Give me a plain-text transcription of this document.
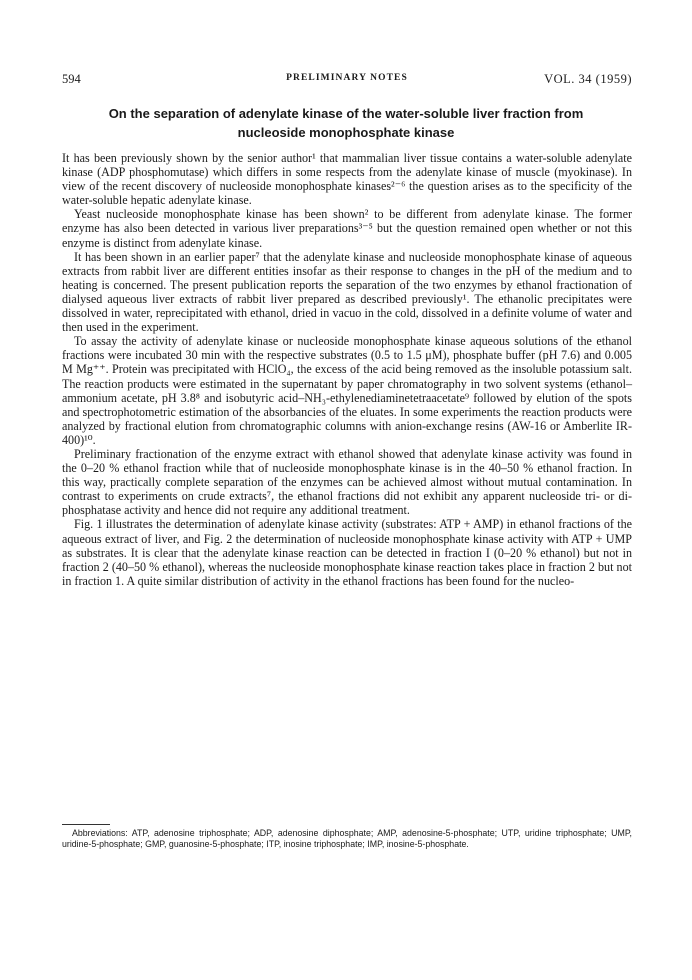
594	PRELIMINARY NOTES	VOL. 34 (1959)
On the separation of adenylate kinase of the water-soluble liver fraction from nucleoside monophosphate kinase

It has been previously shown by the senior author¹ that mammalian liver tissue contains a water-soluble adenylate kinase (ADP phosphomutase) which differs in some respects from the adenylate kinase of muscle (myokinase). In view of the recent discovery of nucleoside monophosphate kinases²⁻⁶ the question arises as to the specificity of the water-soluble hepatic adenylate kinase.

Yeast nucleoside monophosphate kinase has been shown² to be different from adenylate kinase. The former enzyme has also been detected in various liver preparations³⁻⁵ but the question remained open whether or not this enzyme is distinct from adenylate kinase.

It has been shown in an earlier paper⁷ that the adenylate kinase and nucleoside monophosphate kinase of aqueous extracts from rabbit liver are different entities insofar as their response to changes in the pH of the medium and to heating is concerned. The present publication reports the separation of the two enzymes by ethanol fractionation of dialysed aqueous liver extracts of rabbit liver prepared as described previously¹. The ethanolic precipitates were dissolved in water, reprecipitated with ethanol, dried in vacuo in the cold, dissolved in a definite volume of water and then used in the experiment.

To assay the activity of adenylate kinase or nucleoside monophosphate kinase aqueous solutions of the ethanol fractions were incubated 30 min with the respective substrates (0.5 to 1.5 μM), phosphate buffer (pH 7.6) and 0.005 M Mg⁺⁺. Protein was precipitated with HClO₄, the excess of the acid being removed as the insoluble potassium salt. The reaction products were estimated in the supernatant by paper chromatography in two solvent systems (ethanol–ammonium acetate, pH 3.8⁸ and isobutyric acid–NH₃-ethylenediaminetetraacetate⁹ followed by elution of the spots and spectrophotometric estimation of the absorbancies of the eluates. In some experiments the reaction products were analyzed by fractional elution from chromatographic columns with anion-exchange resins (AW-16 or Amberlite IR-400)¹⁰.

Preliminary fractionation of the enzyme extract with ethanol showed that adenylate kinase activity was found in the 0–20 % ethanol fraction while that of nucleoside monophosphate kinase is in the 40–50 % ethanol fraction. In this way, practically complete separation of the enzymes can be achieved almost without mutual contamination. In contrast to experiments on crude extracts⁷, the ethanol fractions did not exhibit any apparent nucleoside tri- or di-phosphatase activity and hence did not require any additional treatment.

Fig. 1 illustrates the determination of adenylate kinase activity (substrates: ATP + AMP) in ethanol fractions of the aqueous extract of liver, and Fig. 2 the determination of nucleoside monophosphate kinase activity with ATP + UMP as substrates. It is clear that the adenylate kinase reaction can be detected in fraction I (0–20 % ethanol) but not in fraction 2 (40–50 % ethanol), whereas the nucleoside monophosphate kinase reaction takes place in fraction 2 but not in fraction 1. A quite similar distribution of activity in the ethanol fractions has been found for the nucleo-

Abbreviations: ATP, adenosine triphosphate; ADP, adenosine diphosphate; AMP, adenosine-5-phosphate; UTP, uridine triphosphate; UMP, uridine-5-phosphate; GMP, guanosine-5-phosphate; ITP, inosine triphosphate; IMP, inosine-5-phosphate.
